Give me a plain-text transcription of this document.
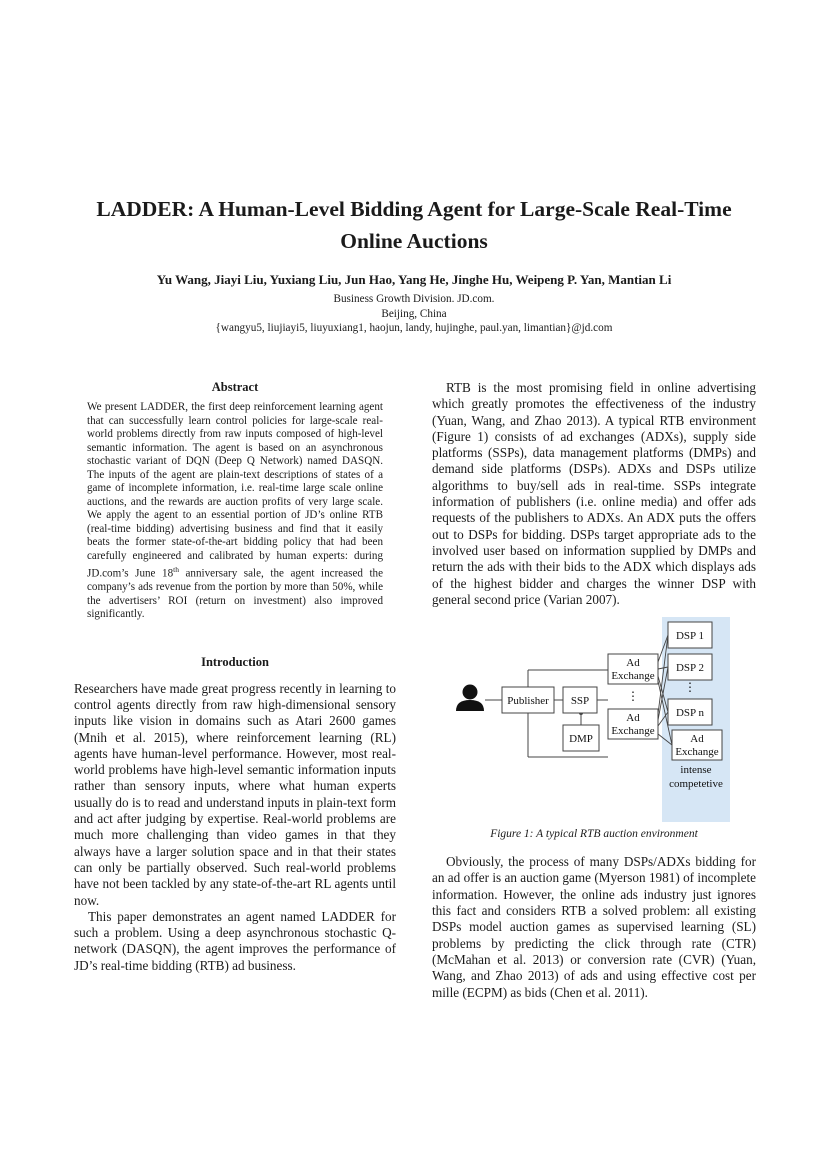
LADDER: A Human-Level Bidding Agent for Large-Scale Real-Time Online Auctions
Yu Wang, Jiayi Liu, Yuxiang Liu, Jun Hao, Yang He, Jinghe Hu, Weipeng P. Yan, Mantian Li
Business Growth Division. JD.com.
Beijing, China
{wangyu5, liujiayi5, liuyuxiang1, haojun, landy, hujinghe, paul.yan, limantian}@jd.com
Abstract

We present LADDER, the first deep reinforcement learning agent that can successfully learn control policies for large-scale real-world problems directly from raw inputs composed of high-level semantic information. The agent is based on an asynchronous stochastic variant of DQN (Deep Q Network) named DASQN. The inputs of the agent are plain-text descriptions of states of a game of incomplete information, i.e. real-time large scale online auctions, and the rewards are auction profits of very large scale. We apply the agent to an essential portion of JD’s online RTB (real-time bidding) advertising business and find that it easily beats the former state-of-the-art bidding policy that had been carefully engineered and calibrated by human experts: during JD.com’s June 18th anniversary sale, the agent increased the company’s ads revenue from the portion by more than 50%, while the advertisers’ ROI (return on investment) also improved significantly.

Introduction

Researchers have made great progress recently in learning to control agents directly from raw high-dimensional sensory inputs like vision in domains such as Atari 2600 games (Mnih et al. 2015), where reinforcement learning (RL) agents have human-level performance. However, most real-world problems have high-level semantic information inputs rather than sensory inputs, where what human experts usually do is to read and understand inputs in plain-text form and act after judging by expertise. Real-world problems are much more challenging than video games in that they always have a larger solution space and in that their states can only be partially observed. Such real-world problems have not been tackled by any state-of-the-art RL agents until now.

This paper demonstrates an agent named LADDER for such a problem. Using a deep asynchronous stochastic Q-network (DASQN), the agent improves the performance of JD’s real-time bidding (RTB) ad business.

RTB is the most promising field in online advertising which greatly promotes the effectiveness of the industry (Yuan, Wang, and Zhao 2013). A typical RTB environment (Figure 1) consists of ad exchanges (ADXs), supply side platforms (SSPs), data management platforms (DMPs) and demand side platforms (DSPs). ADXs and DSPs utilize algorithms to buy/sell ads in real-time. SSPs integrate information of publishers (i.e. online media) and offer ads requests of the publishers to ADXs. An ADX puts the offers out to DSPs for bidding. DSPs target appropriate ads to the involved user based on information supplied by DMPs and return the ads with their bids to the ADX which displays ads of the highest bidder and charges the winner DSP with general second price (Varian 2007).

Publisher SSP
DMP
Ad
Exchange
⋮
Ad
Exchange
DSP 1
DSP 2
⋮
DSP n
Ad
Exchange
intense
competetive
Figure 1: A typical RTB auction environment

Obviously, the process of many DSPs/ADXs bidding for an ad offer is an auction game (Myerson 1981) of incomplete information. However, the online ads industry just ignores this fact and considers RTB a solved problem: all existing DSPs model auction games as supervised learning (SL) problems by predicting the click through rate (CTR) (McMahan et al. 2013) or conversion rate (CVR) (Yuan, Wang, and Zhao 2013) of ads and using effective cost per mille (ECPM) as bids (Chen et al. 2011).
